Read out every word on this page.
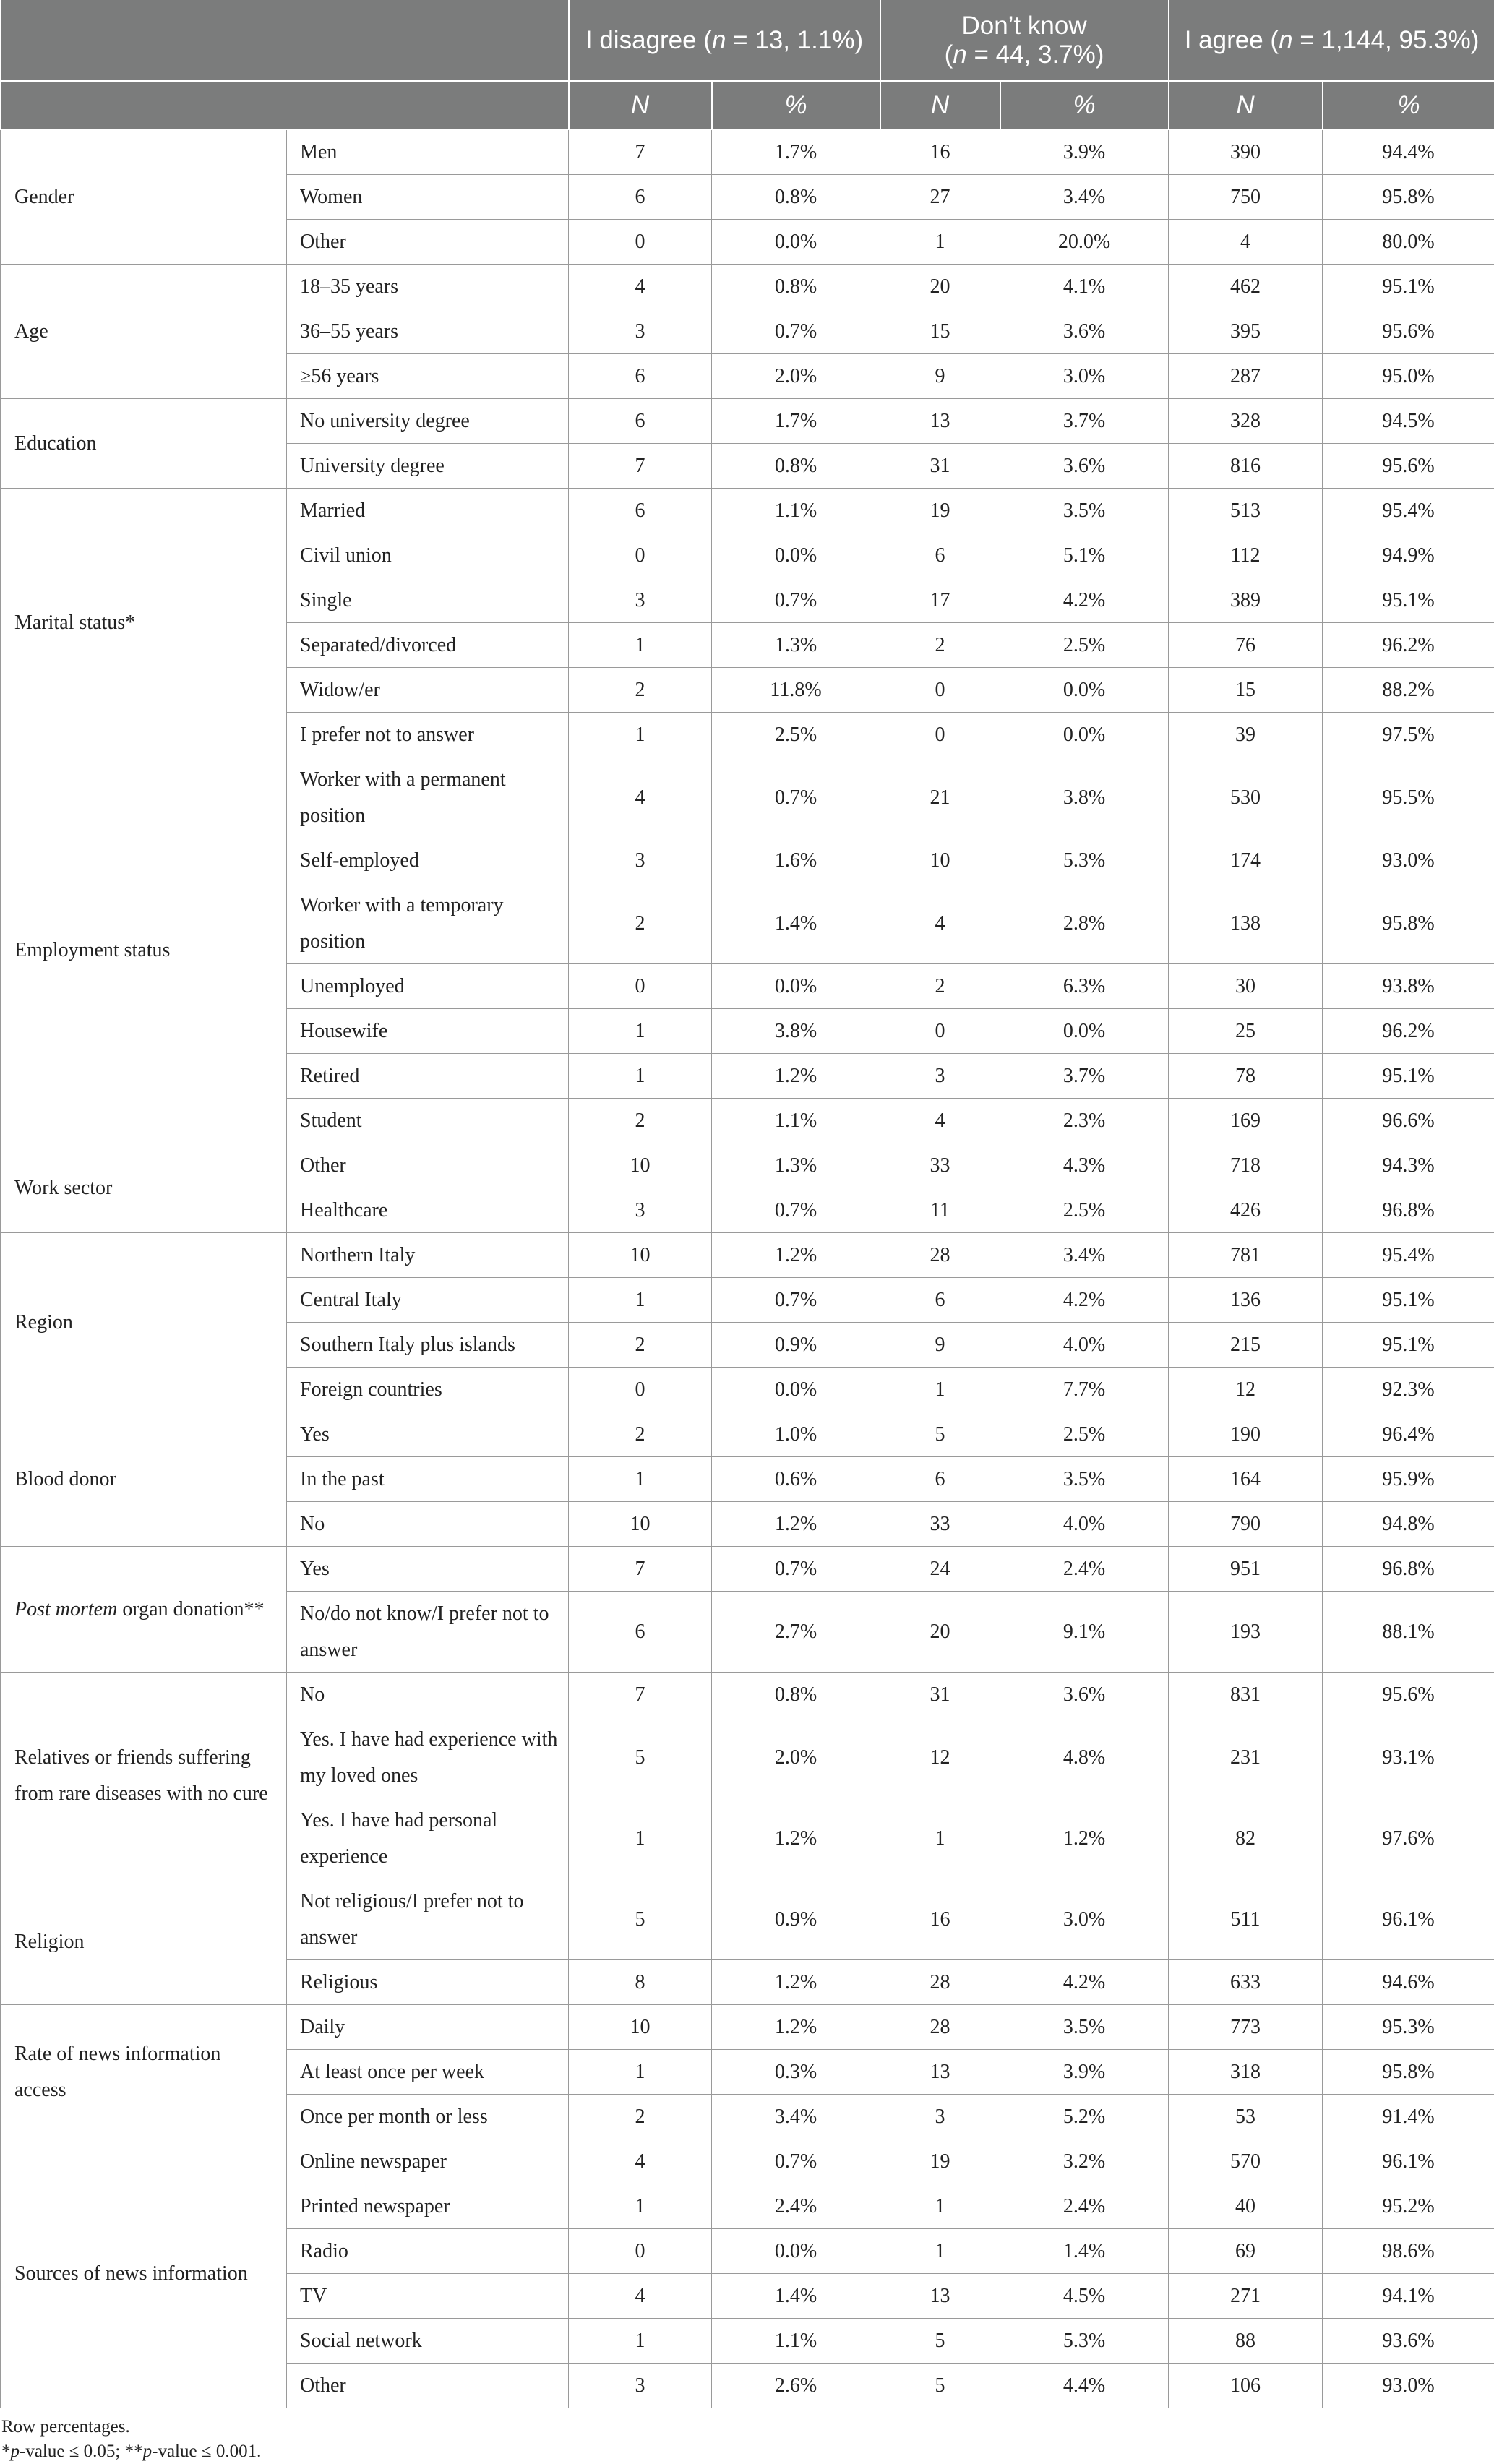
		I disagree (n = 13, 1.1%)		Don’t know
(n = 44, 3.7%)		I agree (n = 1,144, 95.3%)	
		N	%	N	%	N	%
Gender	Men	7	1.7%	16	3.9%	390	94.4%
	Women	6	0.8%	27	3.4%	750	95.8%
	Other	0	0.0%	1	20.0%	4	80.0%
Age	18–35 years	4	0.8%	20	4.1%	462	95.1%
	36–55 years	3	0.7%	15	3.6%	395	95.6%
	≥56 years	6	2.0%	9	3.0%	287	95.0%
Education	No university degree	6	1.7%	13	3.7%	328	94.5%
	University degree	7	0.8%	31	3.6%	816	95.6%
Marital status*	Married	6	1.1%	19	3.5%	513	95.4%
	Civil union	0	0.0%	6	5.1%	112	94.9%
	Single	3	0.7%	17	4.2%	389	95.1%
	Separated/divorced	1	1.3%	2	2.5%	76	96.2%
	Widow/er	2	11.8%	0	0.0%	15	88.2%
	I prefer not to answer	1	2.5%	0	0.0%	39	97.5%
Employment status	Worker with a permanent position	4	0.7%	21	3.8%	530	95.5%
	Self-employed	3	1.6%	10	5.3%	174	93.0%
	Worker with a temporary position	2	1.4%	4	2.8%	138	95.8%
	Unemployed	0	0.0%	2	6.3%	30	93.8%
	Housewife	1	3.8%	0	0.0%	25	96.2%
	Retired	1	1.2%	3	3.7%	78	95.1%
	Student	2	1.1%	4	2.3%	169	96.6%
Work sector	Other	10	1.3%	33	4.3%	718	94.3%
	Healthcare	3	0.7%	11	2.5%	426	96.8%
Region	Northern Italy	10	1.2%	28	3.4%	781	95.4%
	Central Italy	1	0.7%	6	4.2%	136	95.1%
	Southern Italy plus islands	2	0.9%	9	4.0%	215	95.1%
	Foreign countries	0	0.0%	1	7.7%	12	92.3%
Blood donor	Yes	2	1.0%	5	2.5%	190	96.4%
	In the past	1	0.6%	6	3.5%	164	95.9%
	No	10	1.2%	33	4.0%	790	94.8%
Post mortem organ donation**	Yes	7	0.7%	24	2.4%	951	96.8%
	No/do not know/I prefer not to answer	6	2.7%	20	9.1%	193	88.1%
Relatives or friends suffering from rare diseases with no cure	No	7	0.8%	31	3.6%	831	95.6%
	Yes. I have had experience with my loved ones	5	2.0%	12	4.8%	231	93.1%
	Yes. I have had personal experience	1	1.2%	1	1.2%	82	97.6%
Religion	Not religious/I prefer not to answer	5	0.9%	16	3.0%	511	96.1%
	Religious	8	1.2%	28	4.2%	633	94.6%
Rate of news information access	Daily	10	1.2%	28	3.5%	773	95.3%
	At least once per week	1	0.3%	13	3.9%	318	95.8%
	Once per month or less	2	3.4%	3	5.2%	53	91.4%
Sources of news information	Online newspaper	4	0.7%	19	3.2%	570	96.1%
	Printed newspaper	1	2.4%	1	2.4%	40	95.2%
	Radio	0	0.0%	1	1.4%	69	98.6%
	TV	4	1.4%	13	4.5%	271	94.1%
	Social network	1	1.1%	5	5.3%	88	93.6%
	Other	3	2.6%	5	4.4%	106	93.0%
Row percentages.
*p-value ≤ 0.05; **p-value ≤ 0.001.
